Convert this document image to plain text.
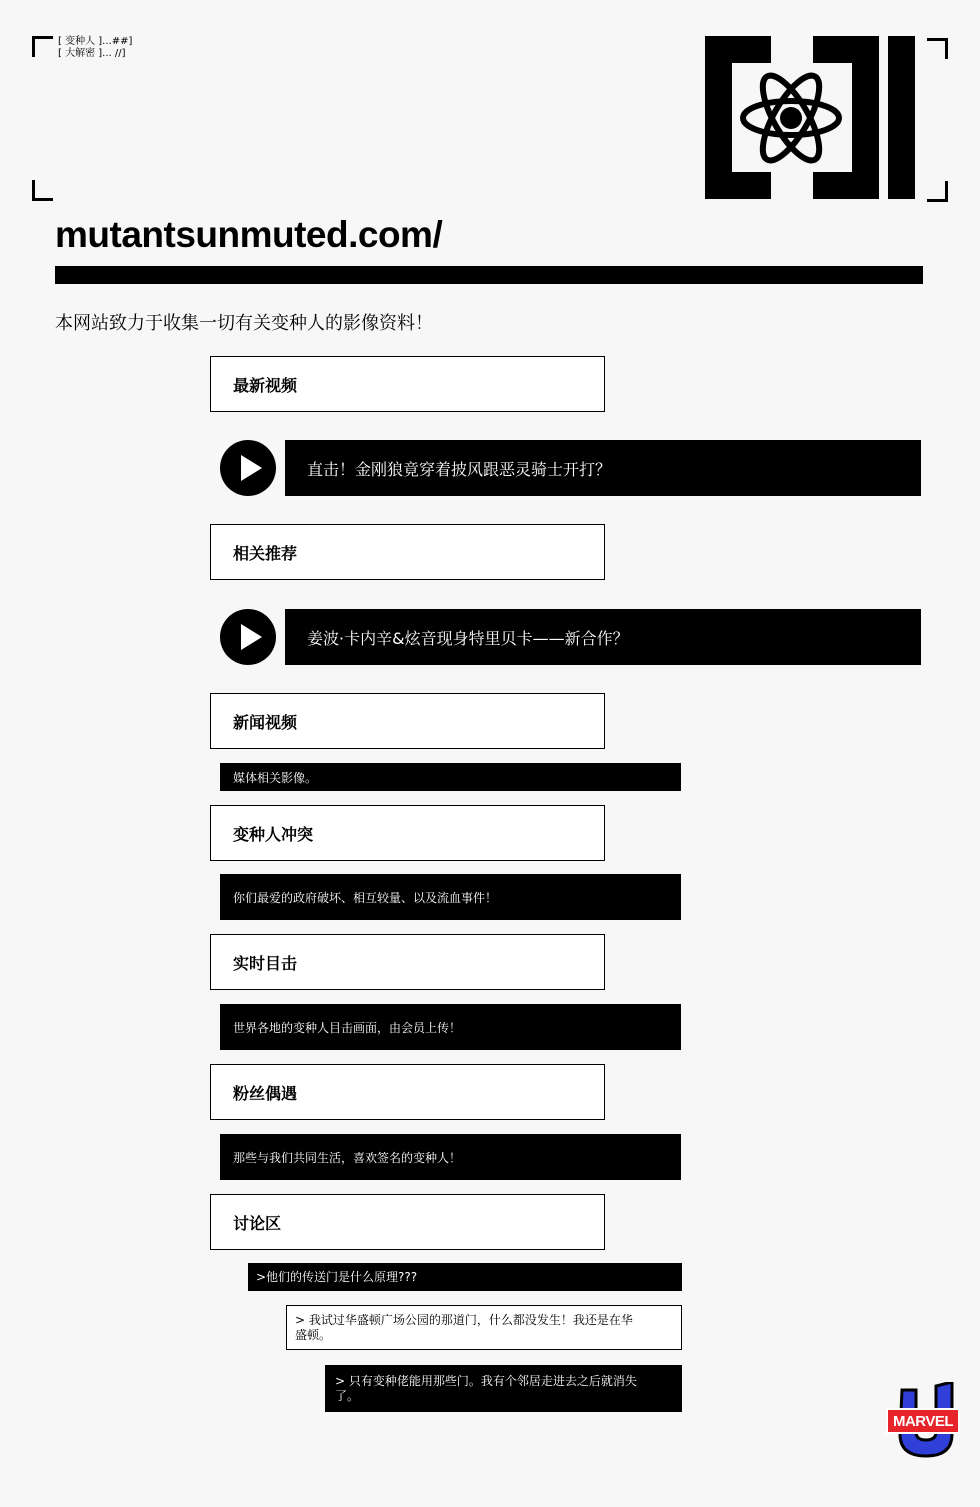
[ 变种人 ]...##]
[ 大解密 ]... //]
mutantsunmuted.com/
本网站致力于收集一切有关变种人的影像资料！
最新视频
直击！金刚狼竟穿着披风跟恶灵骑士开打？
相关推荐
姜波·卡内辛&炫音现身特里贝卡——新合作？
新闻视频
媒体相关影像。
变种人冲突
你们最爱的政府破坏、相互较量、以及流血事件！
实时目击
世界各地的变种人目击画面，由会员上传！
粉丝偶遇
那些与我们共同生活，喜欢签名的变种人！
讨论区
>他们的传送门是什么原理???
> 我试过华盛顿广场公园的那道门，什么都没发生！我还是在华盛顿。
> 只有变种佬能用那些门。我有个邻居走进去之后就消失了。
MARVEL
